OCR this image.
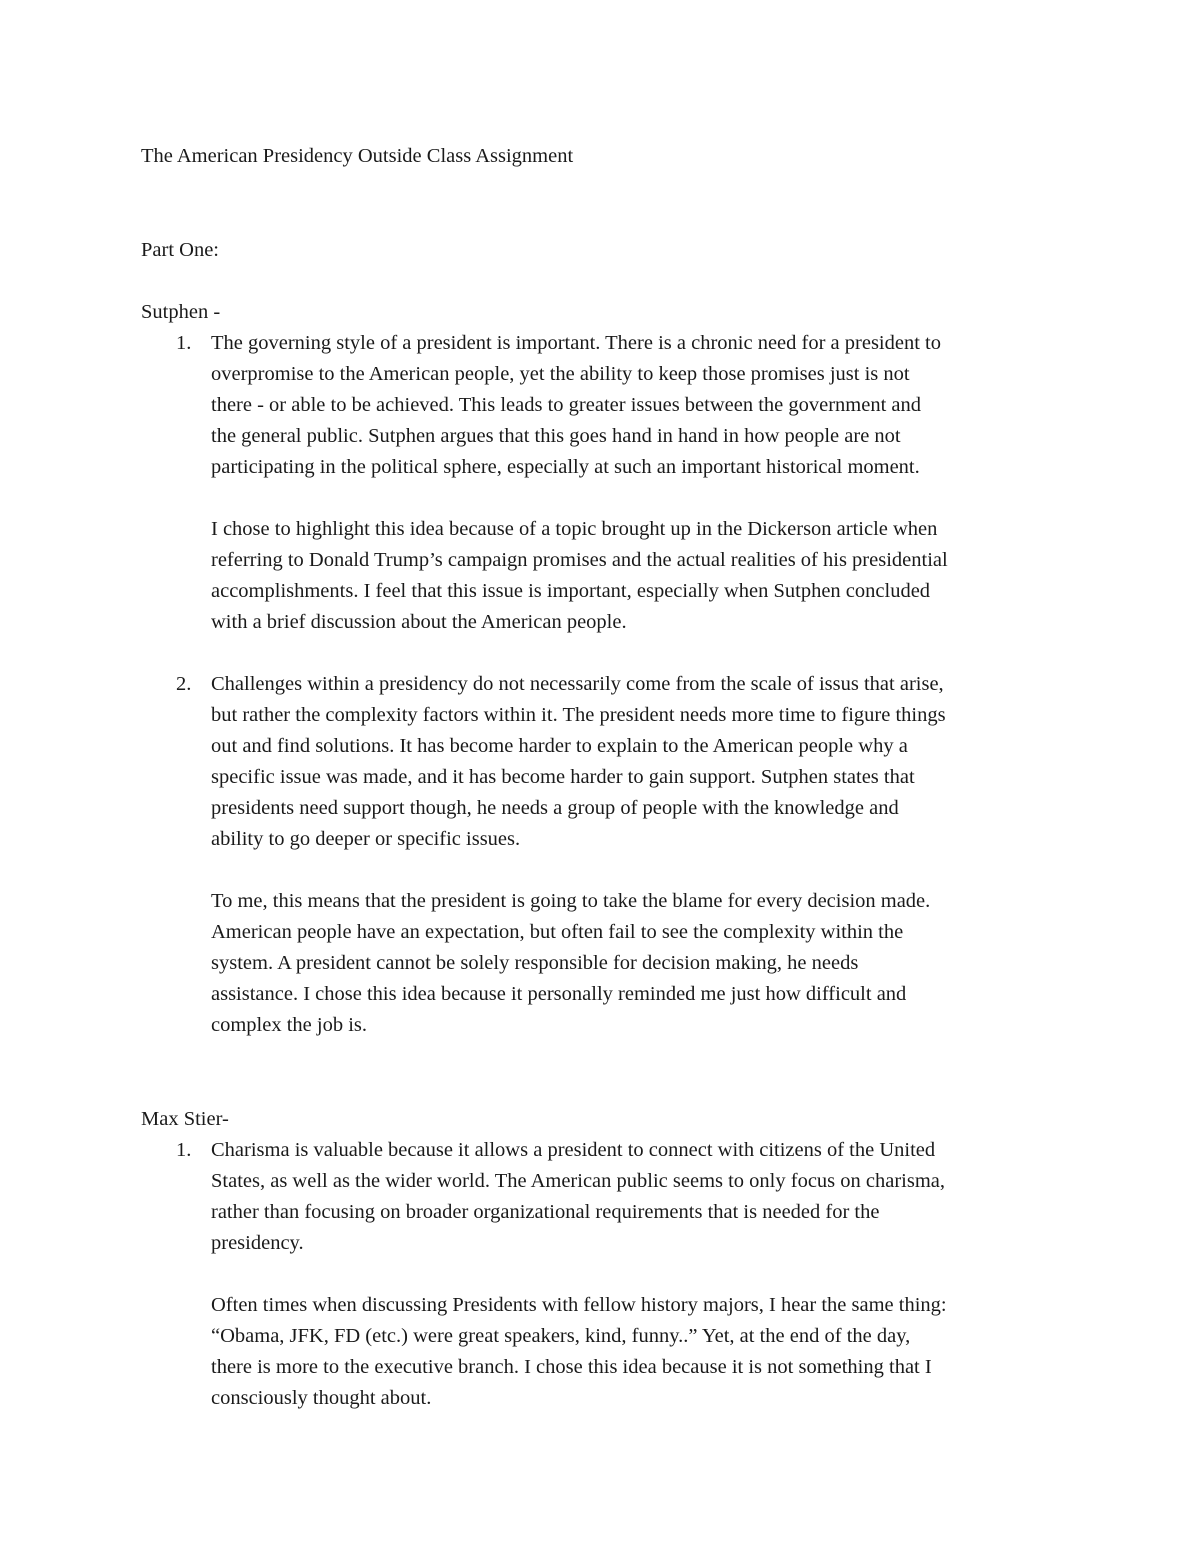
The American Presidency Outside Class Assignment
Part One:
Sutphen -
1. The governing style of a president is important. There is a chronic need for a president to
overpromise to the American people, yet the ability to keep those promises just is not
there - or able to be achieved. This leads to greater issues between the government and
the general public. Sutphen argues that this goes hand in hand in how people are not
participating in the political sphere, especially at such an important historical moment.
I chose to highlight this idea because of a topic brought up in the Dickerson article when
referring to Donald Trump’s campaign promises and the actual realities of his presidential
accomplishments. I feel that this issue is important, especially when Sutphen concluded
with a brief discussion about the American people.
2. Challenges within a presidency do not necessarily come from the scale of issus that arise,
but rather the complexity factors within it. The president needs more time to figure things
out and find solutions. It has become harder to explain to the American people why a
specific issue was made, and it has become harder to gain support. Sutphen states that
presidents need support though, he needs a group of people with the knowledge and
ability to go deeper or specific issues.
To me, this means that the president is going to take the blame for every decision made.
American people have an expectation, but often fail to see the complexity within the
system. A president cannot be solely responsible for decision making, he needs
assistance. I chose this idea because it personally reminded me just how difficult and
complex the job is.
Max Stier-
1. Charisma is valuable because it allows a president to connect with citizens of the United
States, as well as the wider world. The American public seems to only focus on charisma,
rather than focusing on broader organizational requirements that is needed for the
presidency.
Often times when discussing Presidents with fellow history majors, I hear the same thing:
“Obama, JFK, FD (etc.) were great speakers, kind, funny..” Yet, at the end of the day,
there is more to the executive branch. I chose this idea because it is not something that I
consciously thought about.
